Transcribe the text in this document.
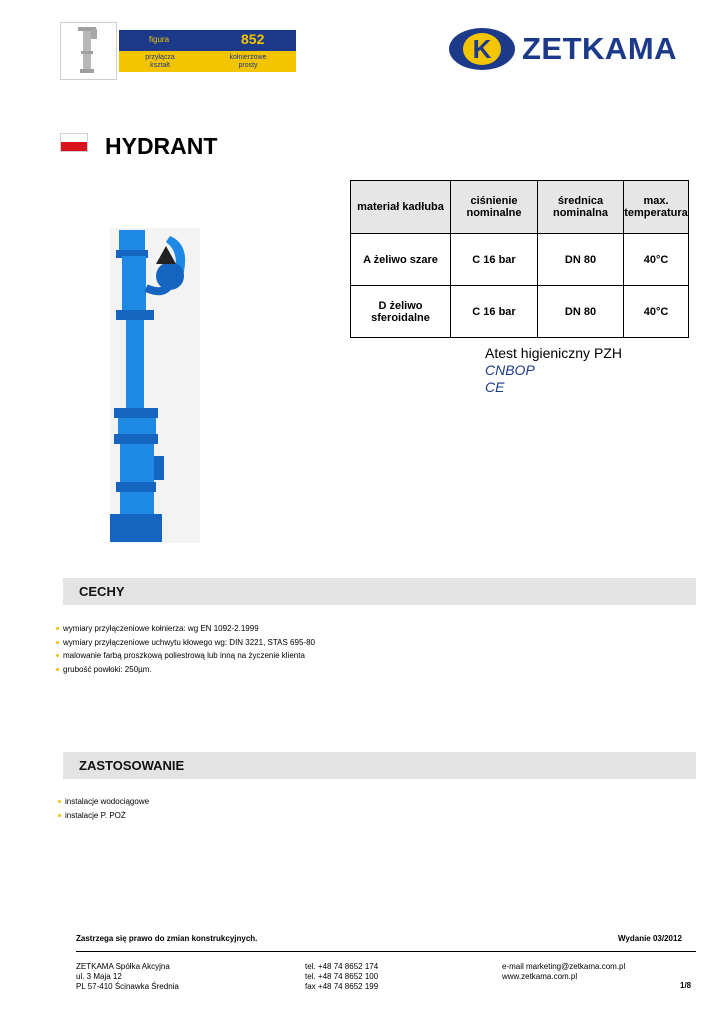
figura	852
przyłącza kształt
kołnierzowe prosty
K ZETKAMA
HYDRANT
materiał kadłuba	ciśnienie nominalne	średnica nominalna	max. temperatura
A żeliwo szare	C 16 bar	DN 80	40°C
D żeliwo sferoidalne	C 16 bar	DN 80	40°C
Atest higieniczny PZH
CNBOP
CE
CECHY
wymiary przyłączeniowe kołnierza: wg EN 1092-2.1999
wymiary przyłączeniowe uchwytu kłowego wg: DIN 3221, STAS 695-80
malowanie farbą proszkową poliestrową lub inną na życzenie klienta
grubość powłoki: 250µm.
ZASTOSOWANIE
instalacje wodociągowe
instalacje P. POŻ
Zastrzega się prawo do zmian konstrukcyjnych.	Wydanie 03/2012
ZETKAMA Spółka Akcyjna
ul. 3 Maja 12
PL 57-410 Ścinawka Średnia
tel. +48 74 8652 174
tel. +48 74 8652 100
fax +48 74 8652 199
e-mail marketing@zetkama.com.pl
www.zetkama.com.pl
1/8
